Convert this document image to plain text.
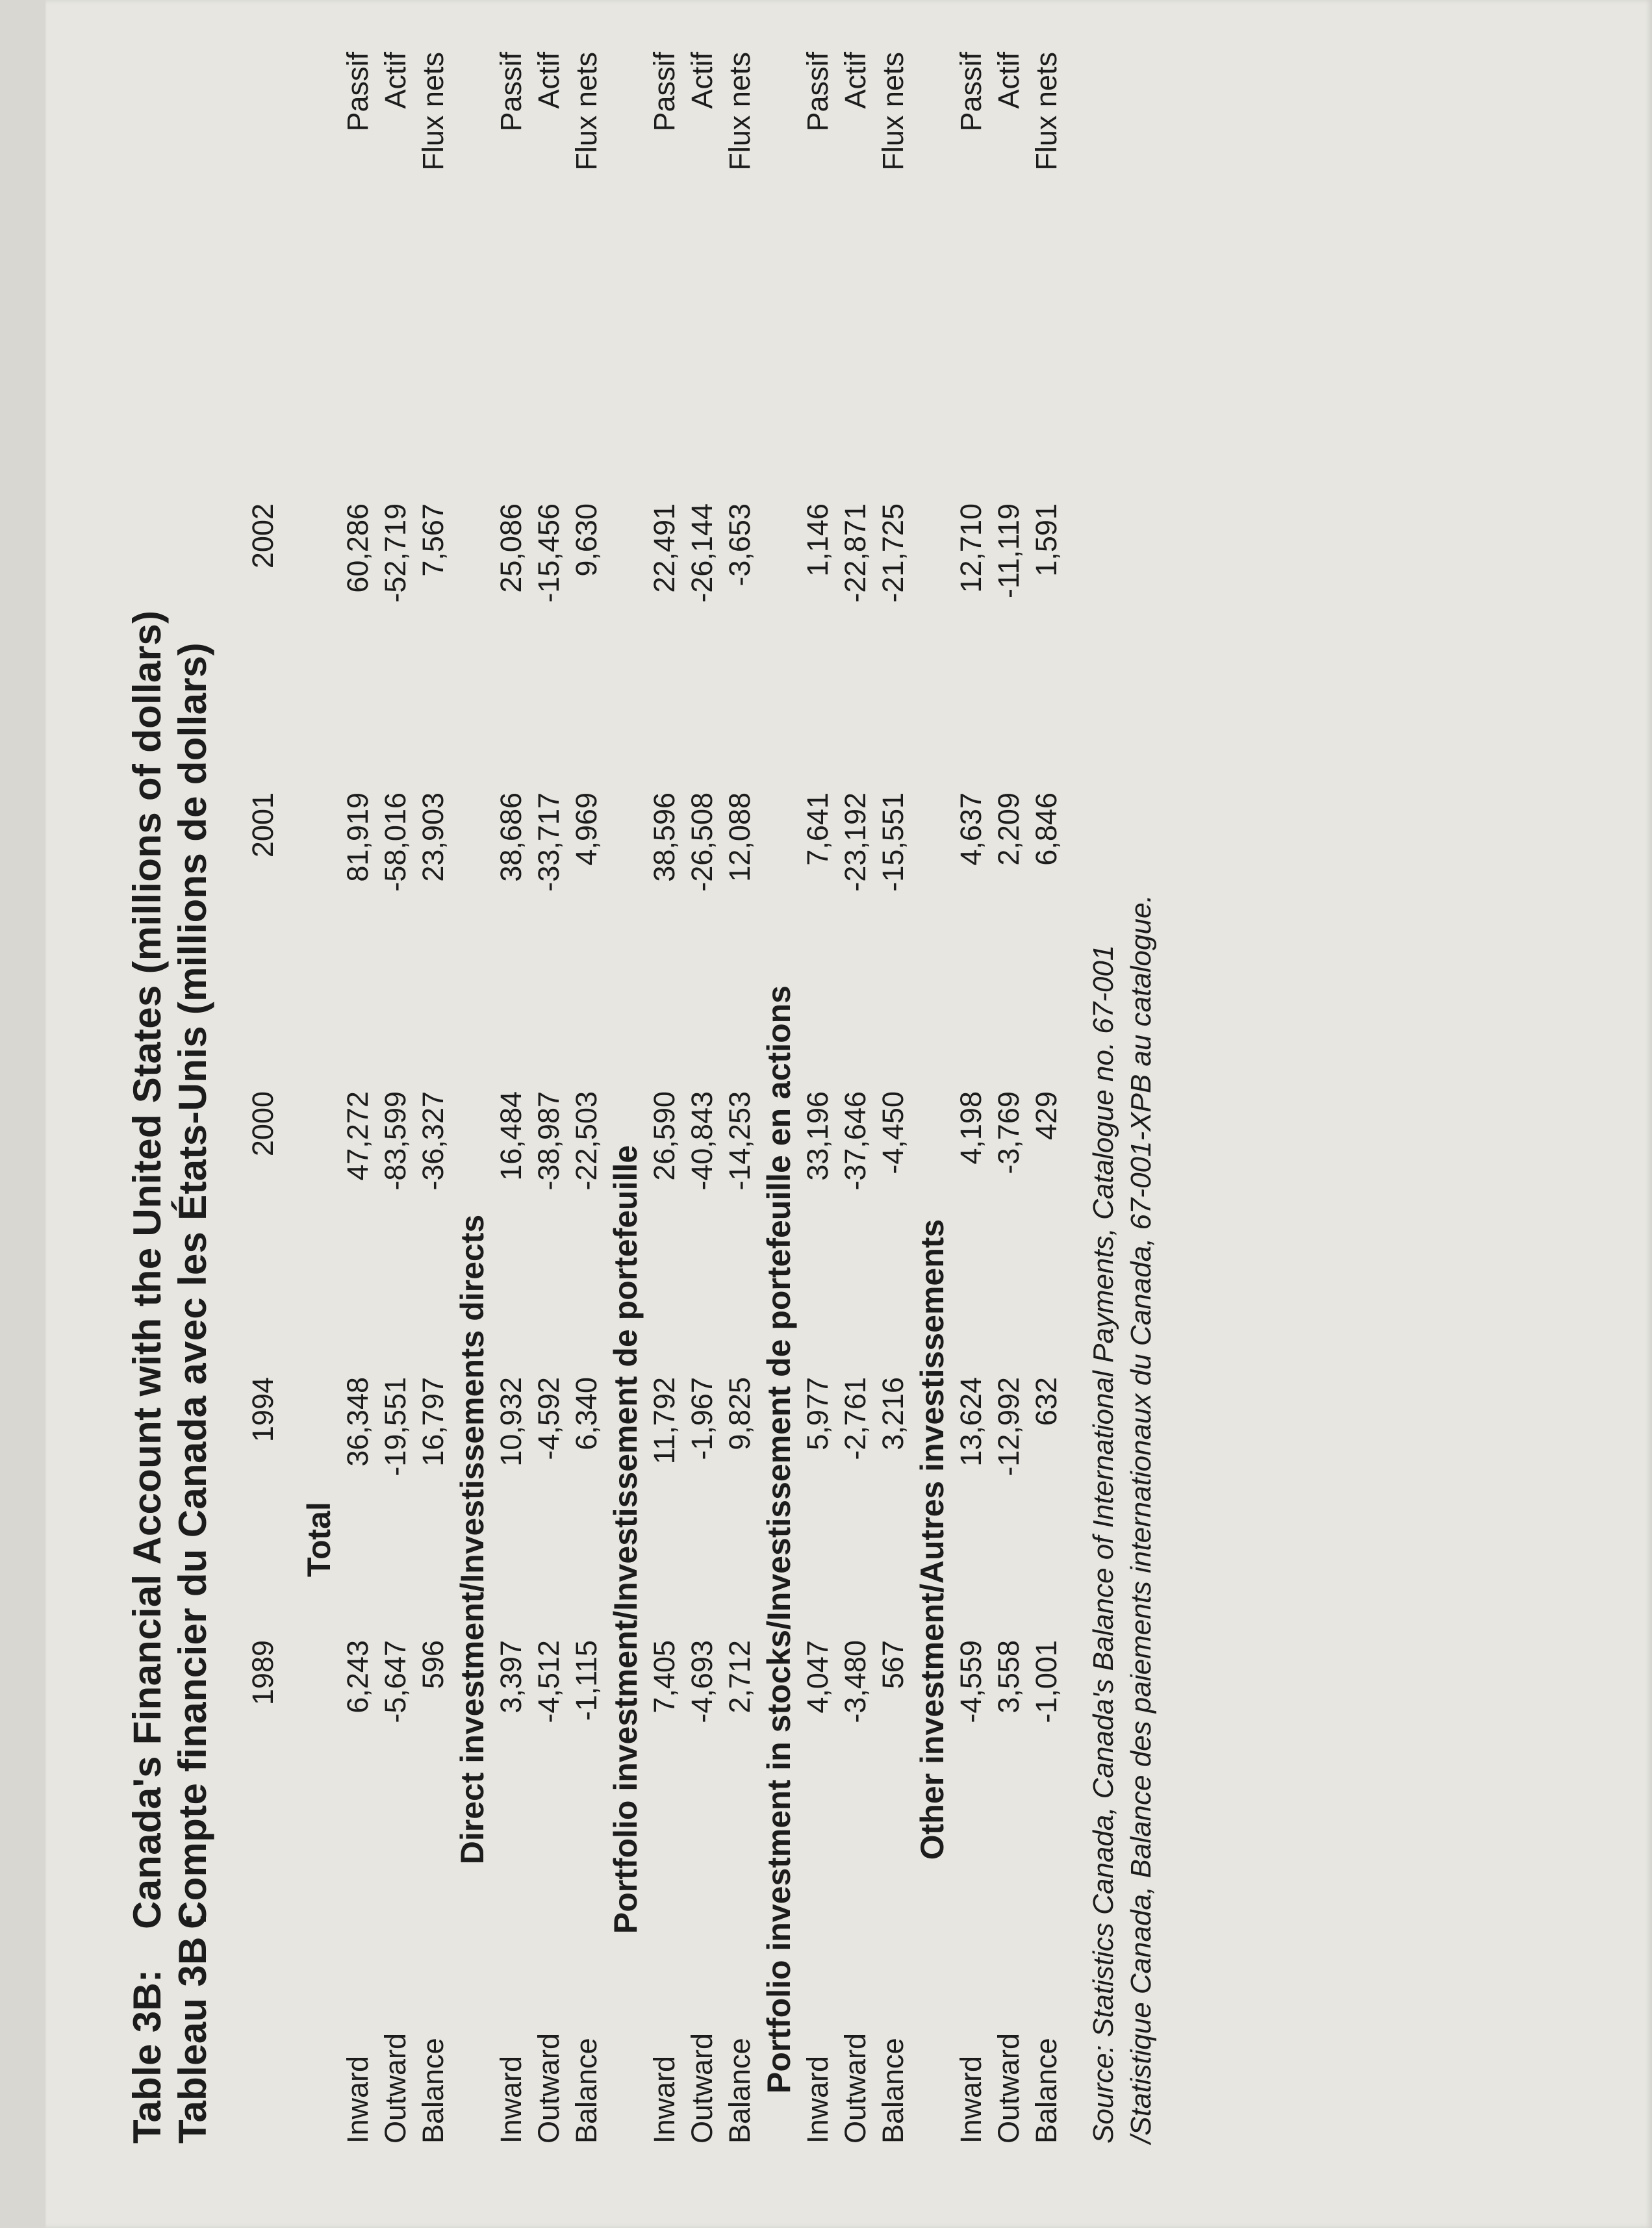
Table 3B:Canada's Financial Account with the United States (millions of dollars)
Tableau 3B :Compte financier du Canada avec les États-Unis (millions de dollars) 1989
1994
2000
2001
2002
Total
Inward
6,243
36,348
47,272
81,919
60,286
Passif
Outward
-5,647
-19,551
-83,599
-58,016
-52,719
Actif
Balance
596
16,797
-36,327
23,903
7,567
Flux nets
Direct investment/Investissements directs
Inward
3,397
10,932
16,484
38,686
25,086
Passif
Outward
-4,512
-4,592
-38,987
-33,717
-15,456
Actif
Balance
-1,115
6,340
-22,503
4,969
9,630
Flux nets
Portfolio investment/Investissement de portefeuille
Inward
7,405
11,792
26,590
38,596
22,491
Passif
Outward
-4,693
-1,967
-40,843
-26,508
-26,144
Actif
Balance
2,712
9,825
-14,253
12,088
-3,653
Flux nets
Portfolio investment in stocks/Investissement de portefeuille en actions
Inward
4,047
5,977
33,196
7,641
1,146
Passif
Outward
-3,480
-2,761
-37,646
-23,192
-22,871
Actif
Balance
567
3,216
-4,450
-15,551
-21,725
Flux nets
Other investment/Autres investissements
Inward
-4,559
13,624
4,198
4,637
12,710
Passif
Outward
3,558
-12,992
-3,769
2,209
-11,119
Actif
Balance
-1,001
632
429
6,846
1,591
Flux nets
Source: Statistics Canada, Canada's Balance of International Payments, Catalogue no. 67-001 /Statistique Canada, Balance des paiements internationaux du Canada, 67-001-XPB au catalogue.
